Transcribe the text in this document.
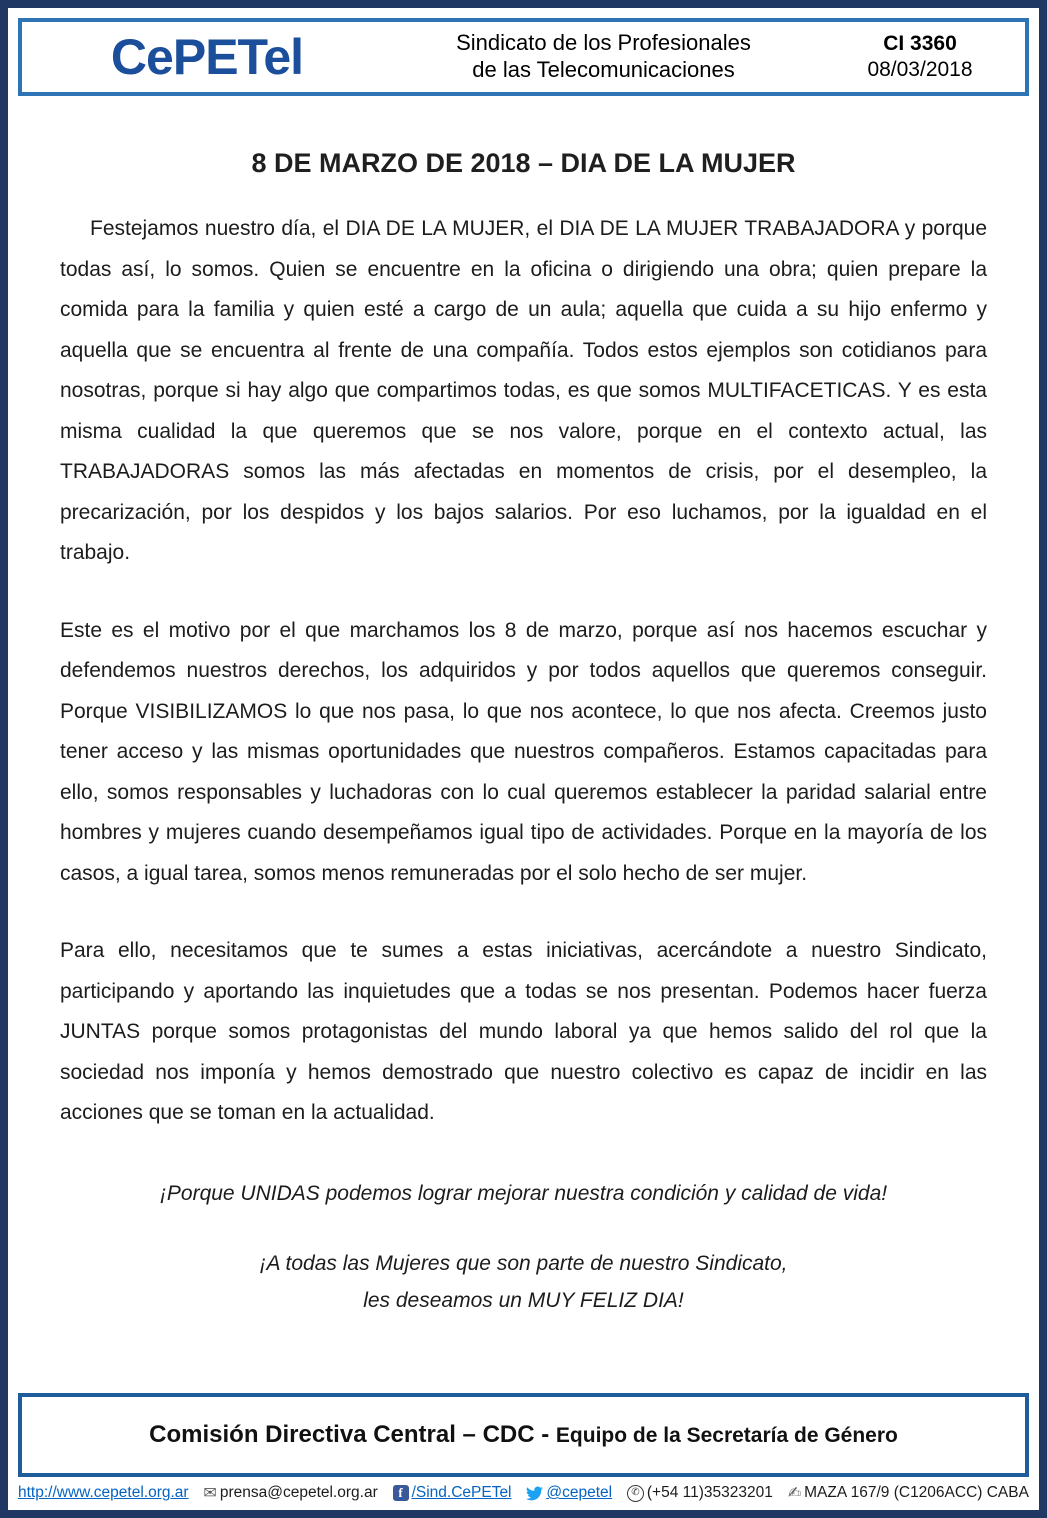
CePETel	Sindicato de los Profesionales
de las Telecomunicaciones
CI 3360
08/03/2018
8 DE MARZO DE 2018 – DIA DE LA MUJER

Festejamos nuestro día, el DIA DE LA MUJER, el DIA DE LA MUJER TRABAJADORA y porque todas así, lo somos. Quien se encuentre en la oficina o dirigiendo una obra; quien prepare la comida para la familia y quien esté a cargo de un aula; aquella que cuida a su hijo enfermo y aquella que se encuentra al frente de una compañía. Todos estos ejemplos son cotidianos para nosotras, porque si hay algo que compartimos todas, es que somos MULTIFACETICAS. Y es esta misma cualidad la que queremos que se nos valore, porque en el contexto actual, las TRABAJADORAS somos las más afectadas en momentos de crisis, por el desempleo, la precarización, por los despidos y los bajos salarios. Por eso luchamos, por la igualdad en el trabajo.

Este es el motivo por el que marchamos los 8 de marzo, porque así nos hacemos escuchar y defendemos nuestros derechos, los adquiridos y por todos aquellos que queremos conseguir. Porque VISIBILIZAMOS lo que nos pasa, lo que nos acontece, lo que nos afecta. Creemos justo tener acceso y las mismas oportunidades que nuestros compañeros. Estamos capacitadas para ello, somos responsables y luchadoras con lo cual queremos establecer la paridad salarial entre hombres y mujeres cuando desempeñamos igual tipo de actividades. Porque en la mayoría de los casos, a igual tarea, somos menos remuneradas por el solo hecho de ser mujer.

Para ello, necesitamos que te sumes a estas iniciativas, acercándote a nuestro Sindicato, participando y aportando las inquietudes que a todas se nos presentan. Podemos hacer fuerza JUNTAS porque somos protagonistas del mundo laboral ya que hemos salido del rol que la sociedad nos imponía y hemos demostrado que nuestro colectivo es capaz de incidir en las acciones que se toman en la actualidad.

¡Porque UNIDAS podemos lograr mejorar nuestra condición y calidad de vida!
¡A todas las Mujeres que son parte de nuestro Sindicato,
les deseamos un MUY FELIZ DIA!
Comisión Directiva Central – CDC - Equipo de la Secretaría de Género
http://www.cepetel.org.ar ✉ prensa@cepetel.org.ar	f /Sind.CePETel @cepetel	✆ (+54 11)35323201 ✍ MAZA 167/9 (C1206ACC) CABA
